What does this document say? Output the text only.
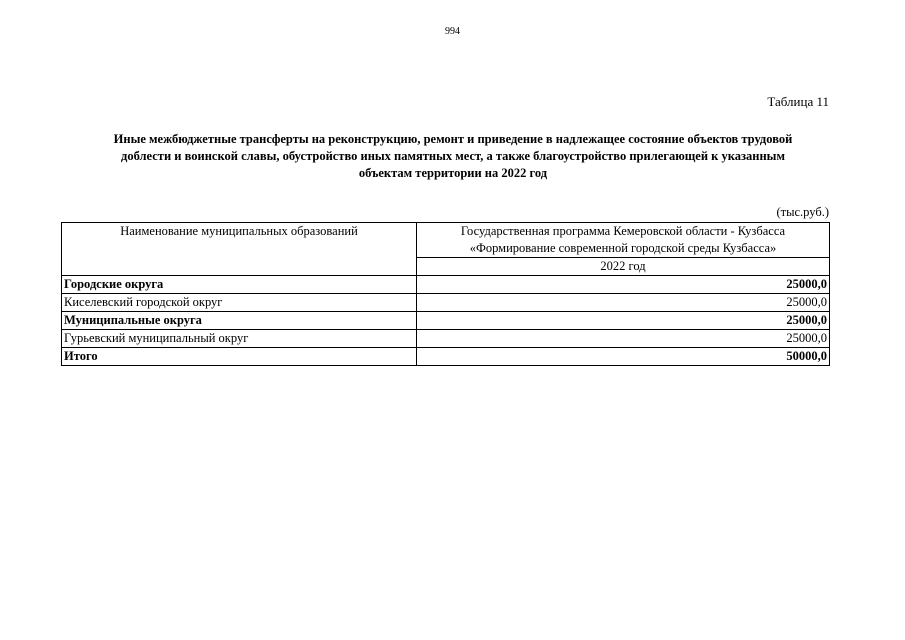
994
Таблица 11
Иные межбюджетные трансферты на реконструкцию, ремонт и приведение в надлежащее состояние объектов трудовой
доблести и воинской славы, обустройство иных памятных мест, а также благоустройство прилегающей к указанным
объектам территории на 2022 год
(тыс.руб.)
Наименование муниципальных образований	Государственная программа Кемеровской области - Кузбасса
«Формирование современной городской среды Кузбасса»

	2022 год
Городские округа	25000,0
Киселевский городской округ	25000,0
Муниципальные округа	25000,0
Гурьевский муниципальный округ	25000,0
Итого	50000,0
